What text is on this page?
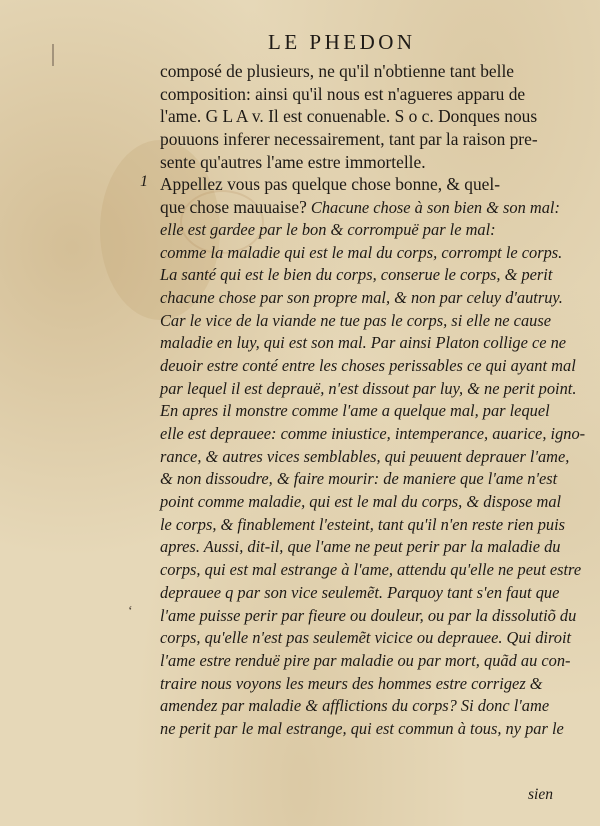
LE PHEDON
1
‘
composé de plusieurs, ne qu'il n'obtienne tant belle
composition: ainsi qu'il nous est n'agueres apparu de
l'ame. G L A v. Il est conuenable. S o c. Donques nous
pouuons inferer necessairement, tant par la raison pre-
sente qu'autres l'ame estre immortelle.
Appellez vous pas quelque chose bonne, & quel-
que chose mauuaise? Chacune chose à son bien & son mal:
elle est gardee par le bon & corrompuë par le mal:
comme la maladie qui est le mal du corps, corrompt le corps.
La santé qui est le bien du corps, conserue le corps, & perit
chacune chose par son propre mal, & non par celuy d'autruy.
Car le vice de la viande ne tue pas le corps, si elle ne cause
maladie en luy, qui est son mal. Par ainsi Platon collige ce ne
deuoir estre conté entre les choses perissables ce qui ayant mal
par lequel il est deprauë, n'est dissout par luy, & ne perit point.
En apres il monstre comme l'ame a quelque mal, par lequel
elle est deprauee: comme iniustice, intemperance, auarice, igno-
rance, & autres vices semblables, qui peuuent deprauer l'ame,
& non dissoudre, & faire mourir: de maniere que l'ame n'est
point comme maladie, qui est le mal du corps, & dispose mal
le corps, & finablement l'esteint, tant qu'il n'en reste rien puis
apres. Aussi, dit-il, que l'ame ne peut perir par la maladie du
corps, qui est mal estrange à l'ame, attendu qu'elle ne peut estre
deprauee q par son vice seulemẽt. Parquoy tant s'en faut que
l'ame puisse perir par fieure ou douleur, ou par la dissolutiõ du
corps, qu'elle n'est pas seulemẽt vicice ou deprauee. Qui diroit
l'ame estre renduë pire par maladie ou par mort, quãd au con-
traire nous voyons les meurs des hommes estre corrigez &
amendez par maladie & afflictions du corps? Si donc l'ame
ne perit par le mal estrange, qui est commun à tous, ny par le
sien
